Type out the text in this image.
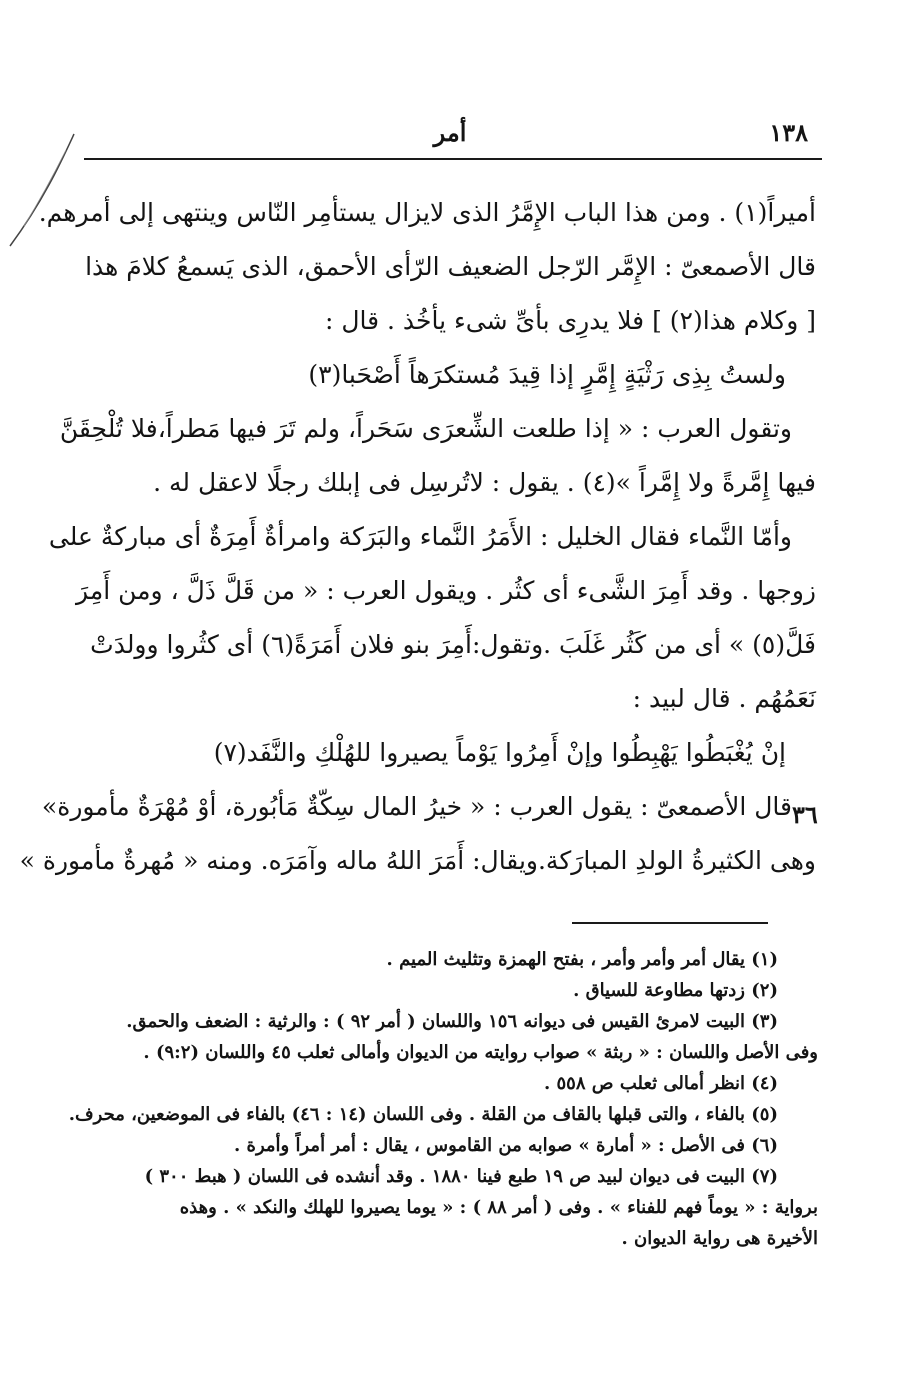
١٣٨
أمر
أميراً(١) . ومن هذا الباب الإِمَّرُ الذى لايزال يستأمِر النّاس وينتهى إلى أمرهم.
قال الأصمعىّ : الإِمَّر الرّجل الضعيف الرّأى الأحمق، الذى يَسمعُ كلامَ هذا
[ وكلام هذا(٢) ] فلا يدرِى بأىِّ شىء يأخُذ . قال :
ولستُ بِذِى رَثْيَةٍ إِمَّرٍ إذا قِيدَ مُستكرَهاً أَصْحَبا(٣)
وتقول العرب : « إذا طلعت الشِّعرَى سَحَراً، ولم تَرَ فيها مَطراً،فلا تُلْحِقَنَّ
فيها إِمَّرةً ولا إِمَّراً »(٤) . يقول : لاتُرسِل فى إبلك رجلًا لاعقل له .
وأمّا النَّماء فقال الخليل : الأَمَرُ النَّماء والبَرَكة وامرأةٌ أَمِرَةٌ أى مباركةٌ على
زوجها . وقد أَمِرَ الشَّىء أى كثُر . ويقول العرب : « من قَلَّ ذَلَّ ، ومن أَمِرَ
فَلَّ(٥) » أى من كَثُر غَلَبَ .وتقول:أَمِرَ بنو فلان أَمَرَةً(٦) أى كثُروا وولدَتْ
نَعَمُهُم . قال لبيد :
إنْ يُغْبَطُوا يَهْبِطُوا وإنْ أَمِرُوا يَوْماً يصيروا للهُلْكِ والنَّفَد(٧)
قال الأصمعىّ : يقول العرب : « خيرُ المال سِكّةٌ مَأبُورة، أوْ مُهْرَةٌ مأمورة»
وهى الكثيرةُ الولدِ المبارَكة.ويقال: أَمَرَ اللهُ ماله وآمَرَه. ومنه « مُهرةٌ مأمورة »
٣٦
(١) يقال أمر وأمر وأمر ، بفتح الهمزة وتثليث الميم .
(٢) زدتها مطاوعة للسياق .
(٣) البيت لامرئ القيس فى ديوانه ١٥٦ واللسان ( أمر ٩٢ ) : والرثية : الضعف والحمق.
وفى الأصل واللسان : « ربثة » صواب روايته من الديوان وأمالى ثعلب ٤٥ واللسان (٩:٢) .
(٤) انظر أمالى ثعلب ص ٥٥٨ .
(٥) بالفاء ، والتى قبلها بالقاف من القلة . وفى اللسان (١٤ : ٤٦) بالفاء فى الموضعين، محرف.
(٦) فى الأصل : « أمارة » صوابه من القاموس ، يقال : أمر أمراً وأمرة .
(٧) البيت فى ديوان لبيد ص ١٩ طبع فينا ١٨٨٠ . وقد أنشده فى اللسان ( هبط ٣٠٠ )
برواية : « يوماً فهم للفناء » . وفى ( أمر ٨٨ ) : « يوما يصيروا للهلك والنكد » . وهذه
الأخيرة هى رواية الديوان .
